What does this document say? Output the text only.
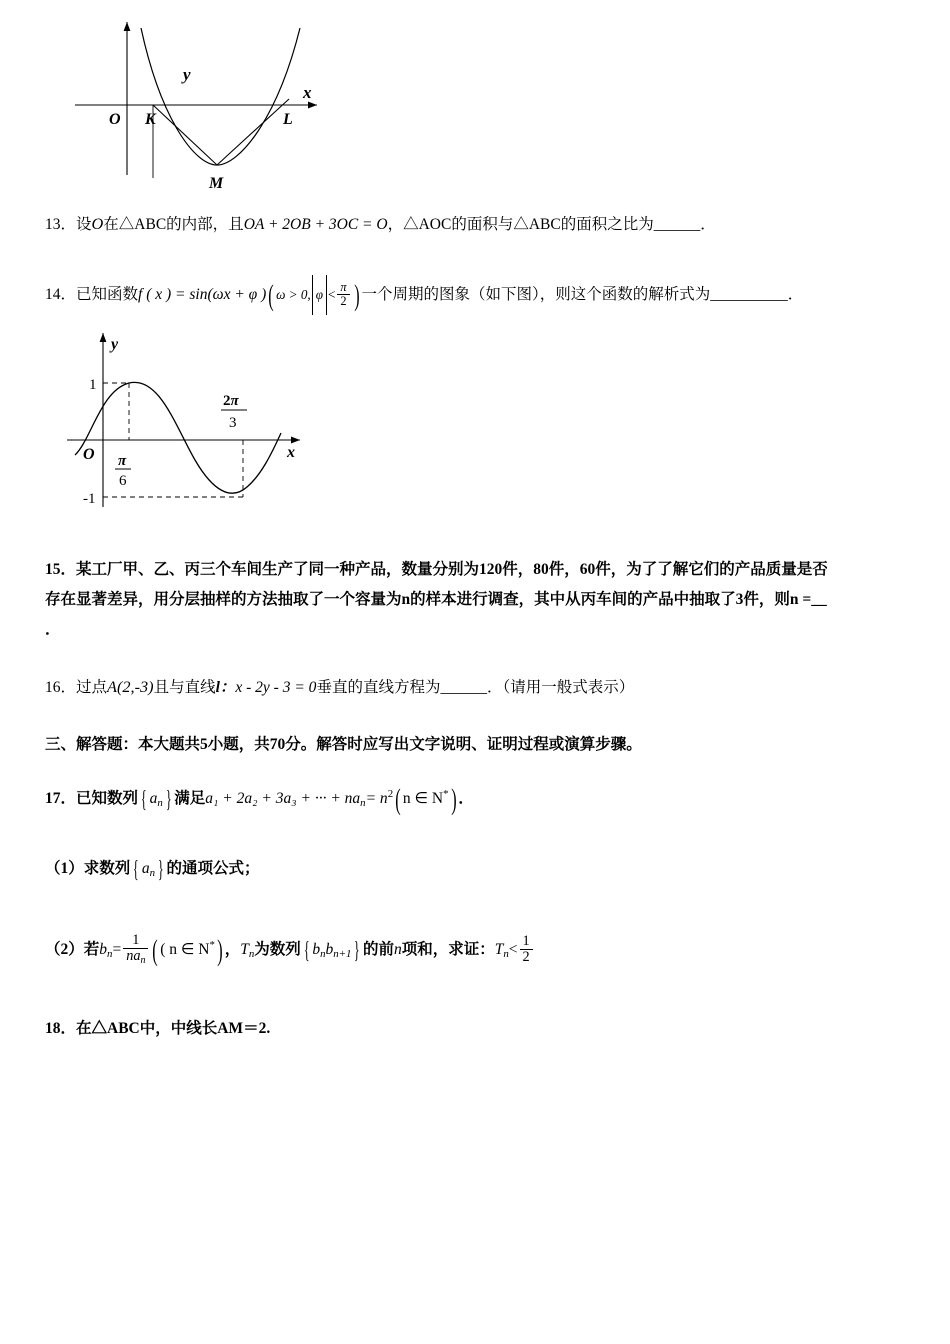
y
x
O K	L
M

13．设O在△ABC的内部，且OA + 2OB + 3OC = O，△AOC的面积与△ABC的面积之比为______．

14．已知函数f ( x ) = sin(ωx + φ )( ω > 0, $\varphi < \frac{\pi}{2}$ ) 一个周期的图象（如下图），则这个函数的解析式为__________．

y
x
O
1
-1
π
6
2π
3

15．某工厂甲、乙、丙三个车间生产了同一种产品，数量分别为120件，80件，60件，为了了解它们的产品质量是否

存在显著差异，用分层抽样的方法抽取了一个容量为n的样本进行调查，其中从丙车间的产品中抽取了3件，则n =__

．

16．过点A(2,-3)且与直线l：x - 2y - 3 = 0垂直的直线方程为______．（请用一般式表示）

三、解答题：本大题共5小题，共70分。解答时应写出文字说明、证明过程或演算步骤。

17．已知数列 { $a_n$ } 满足a₁ + 2a₂ + 3a₃ + ··· + $na_n= n^2$( n ∈ N*) ．

（1）求数列 { $a_n$ } 的通项公式；

（2）若$b_n= \frac{1}{na_n}$ ( ( n ∈ N*) ，$T_n$为数列 { $b_nb_{n+1}$ } 的前n项和，求证：$T_n< \frac{1}{2}$

18．在△ABC中，中线长AM＝2.
